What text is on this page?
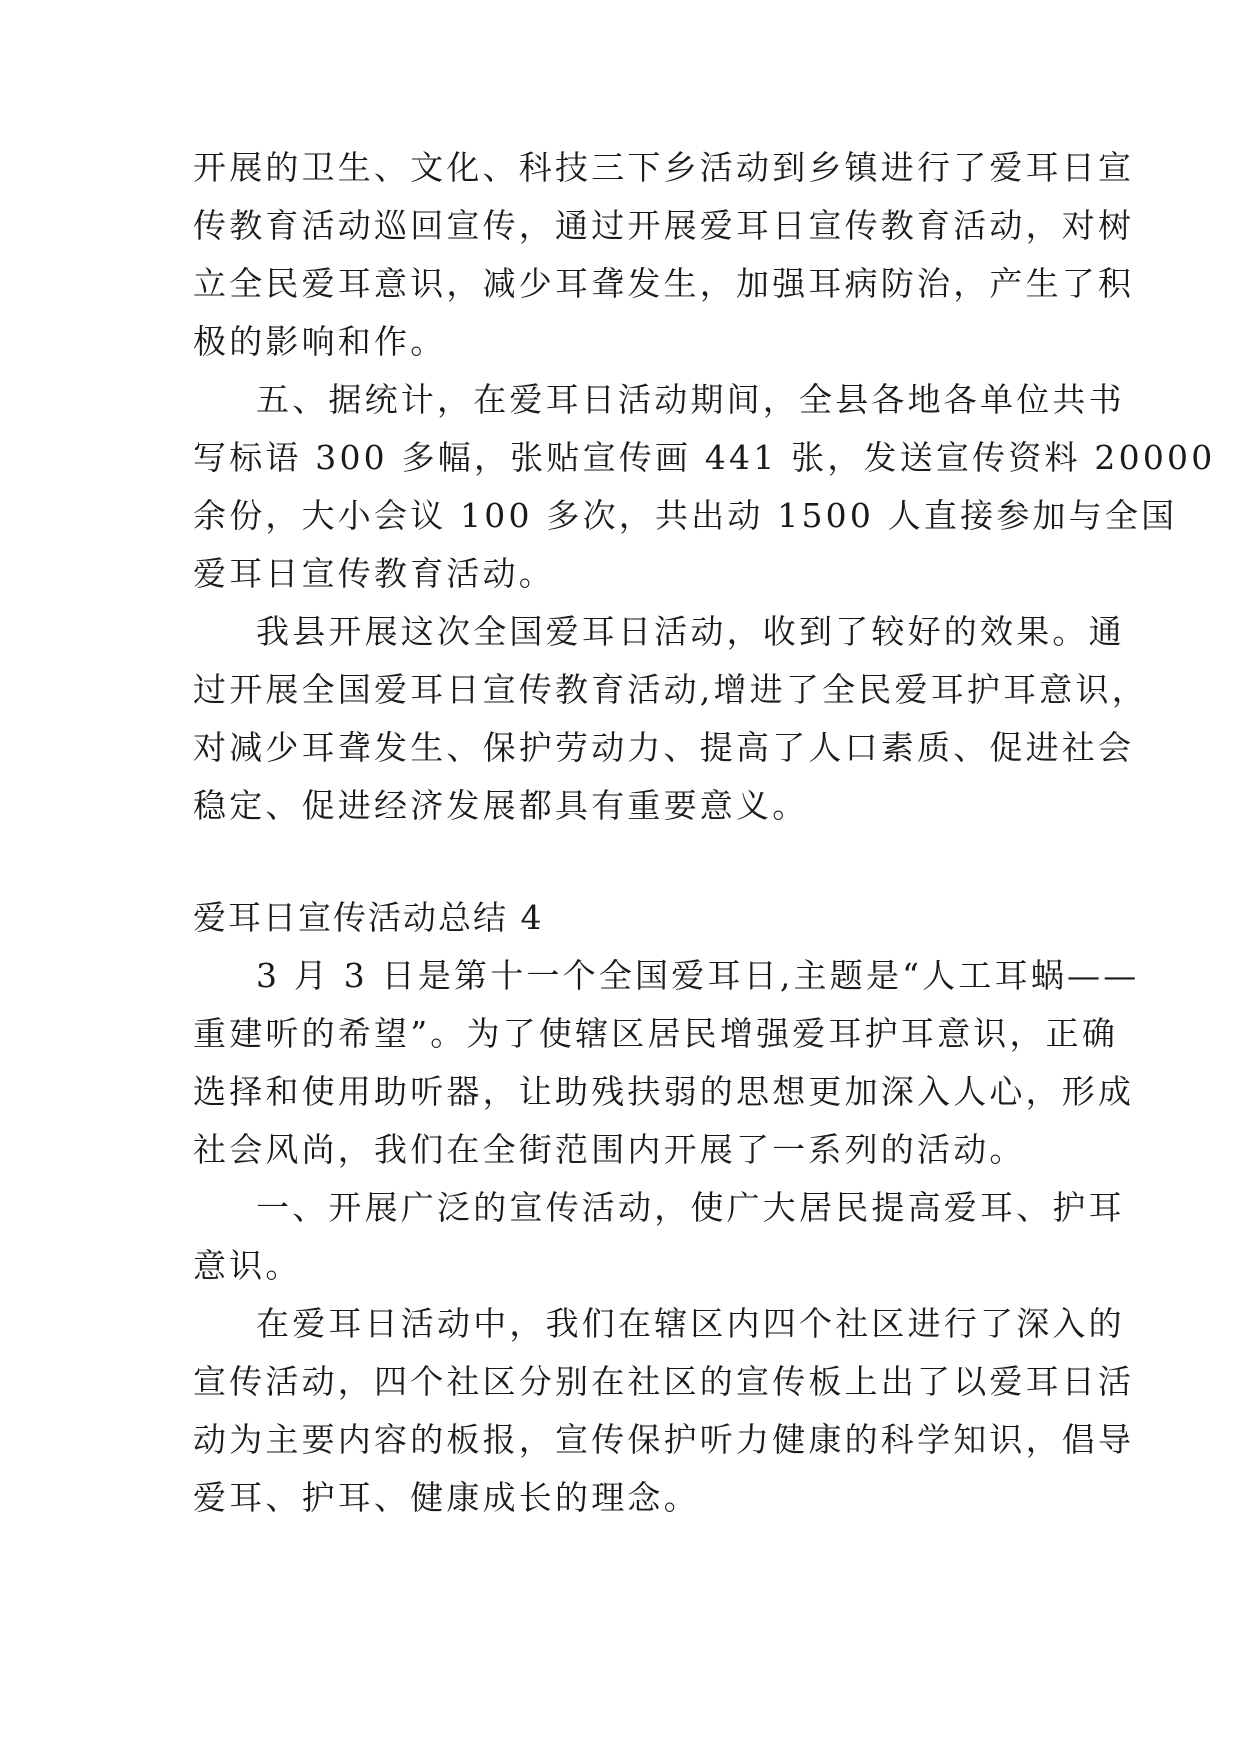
开展的卫生、文化、科技三下乡活动到乡镇进行了爱耳日宣
传教育活动巡回宣传，通过开展爱耳日宣传教育活动，对树
立全民爱耳意识，减少耳聋发生，加强耳病防治，产生了积
极的影响和作。
五、据统计，在爱耳日活动期间，全县各地各单位共书
写标语 300 多幅，张贴宣传画 441 张，发送宣传资料 20000
余份，大小会议 100 多次，共出动 1500 人直接参加与全国
爱耳日宣传教育活动。
我县开展这次全国爱耳日活动，收到了较好的效果。通
过开展全国爱耳日宣传教育活动,增进了全民爱耳护耳意识，
对减少耳聋发生、保护劳动力、提高了人口素质、促进社会
稳定、促进经济发展都具有重要意义。
爱耳日宣传活动总结 4
3 月 3 日是第十一个全国爱耳日,主题是“人工耳蜗——
重建听的希望”。为了使辖区居民增强爱耳护耳意识，正确
选择和使用助听器，让助残扶弱的思想更加深入人心，形成
社会风尚，我们在全街范围内开展了一系列的活动。
一、开展广泛的宣传活动，使广大居民提高爱耳、护耳
意识。
在爱耳日活动中，我们在辖区内四个社区进行了深入的
宣传活动，四个社区分别在社区的宣传板上出了以爱耳日活
动为主要内容的板报，宣传保护听力健康的科学知识，倡导
爱耳、护耳、健康成长的理念。
